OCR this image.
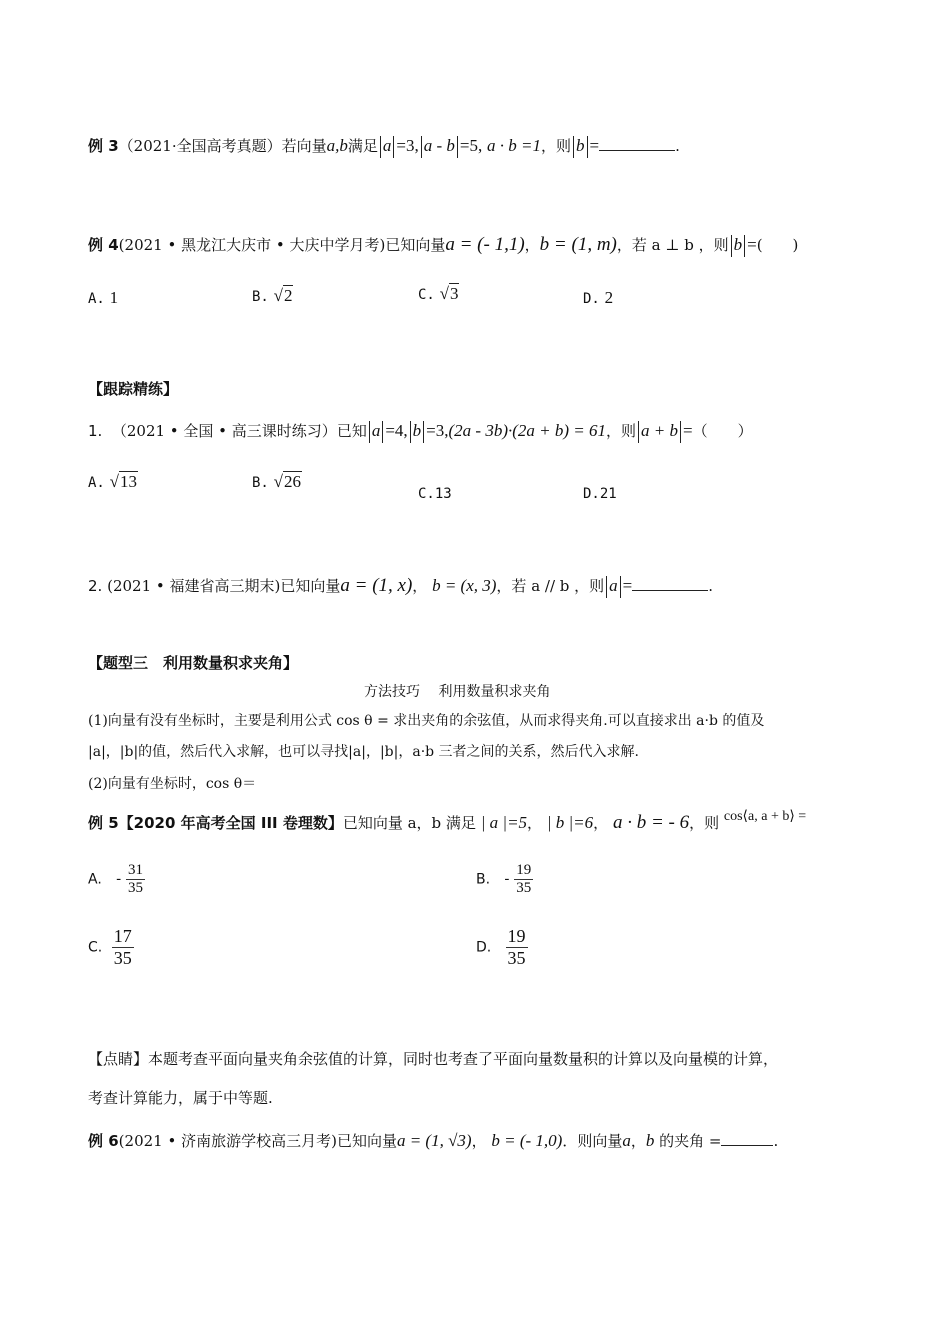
例 3（2021·全国高考真题）若向量a,b满足 a =3, a - b =5, a · b =1，则 b =	.
例 4(2021 • 黑龙江大庆市 • 大庆中学月考)已知向量a = (- 1,1)，b = (1, m)，若 a ⊥ b ，则 b =(　　)
A. 1	B. √2	C. √3	D. 2
【跟踪精练】
1. （2021 • 全国 • 高三课时练习）已知 a =4, b =3,(2a - 3b)·(2a + b) = 61，则 a + b =（　　）
A. √13	B. √26
C.13	D.21
2. (2021 • 福建省高三期末)已知向量a = (1, x)， b = (x, 3)，若 a // b ，则 a =	.
【题型三　利用数量积求夹角】
方法技巧　 利用数量积求夹角
(1)向量有没有坐标时，主要是利用公式 cos θ = 求出夹角的余弦值，从而求得夹角.可以直接求出 a·b 的值及
|a|，|b|的值，然后代入求解，也可以寻找|a|，|b|，a·b 三者之间的关系，然后代入求解.
(2)向量有坐标时，cos θ＝
例 5【2020 年高考全国 III 卷理数】已知向量 a，b 满足 | a |=5， | b |=6， a · b = - 6，则 cos⟨a, a + b⟩ =
A. - $\frac{31}{35}$	B. - $\frac{19}{35}$
C. $\frac{17}{35}$	D. $\frac{19}{35}$
【点睛】本题考查平面向量夹角余弦值的计算，同时也考查了平面向量数量积的计算以及向量模的计算，
考查计算能力，属于中等题.
例 6(2021 • 济南旅游学校高三月考)已知向量a = (1, √3)， b = (- 1,0)．则向量a，b 的夹角 =	.
